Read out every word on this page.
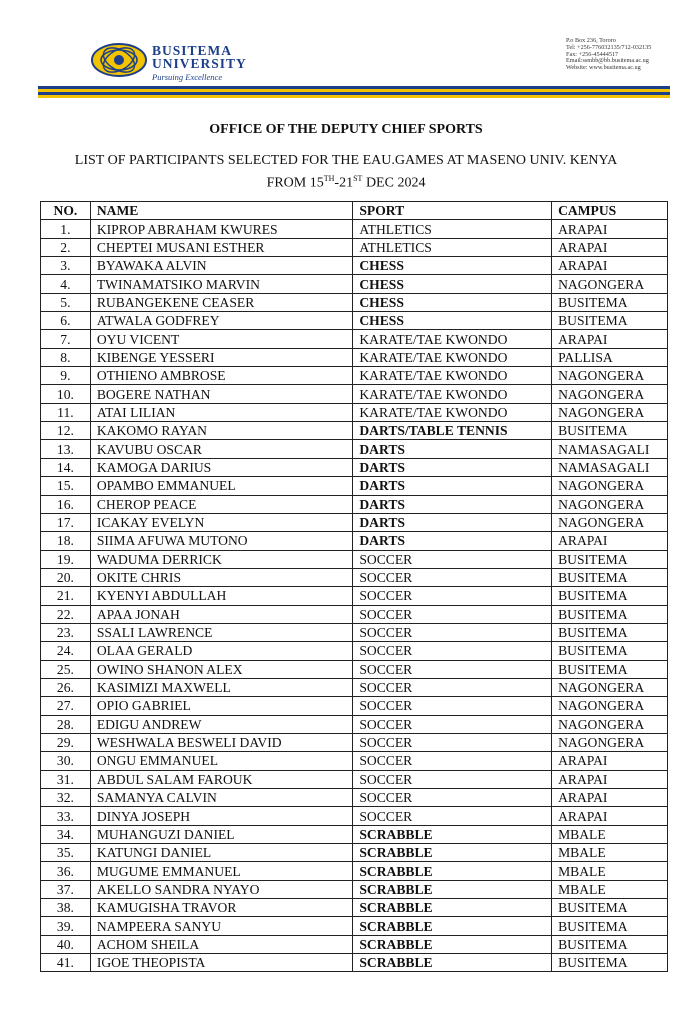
BUSITEMA
UNIVERSITY
Pursuing Excellence
P.o Box 236, Tororo
Tel: +256-776032135/712-032135
Fax: +256-45444517
Email:ssmbb@bb.busitema.ac.ug
Website: www.busitema.ac.ug
OFFICE OF THE DEPUTY CHIEF SPORTS
LIST OF PARTICIPANTS SELECTED FOR THE EAU.GAMES AT MASENO UNIV. KENYA
FROM 15TH-21ST DEC 2024
NO.	NAME	SPORT	CAMPUS
1.	KIPROP ABRAHAM KWURES	ATHLETICS	ARAPAI
2.	CHEPTEI MUSANI ESTHER	ATHLETICS	ARAPAI
3.	BYAWAKA ALVIN	CHESS	ARAPAI
4.	TWINAMATSIKO MARVIN	CHESS	NAGONGERA
5.	RUBANGEKENE CEASER	CHESS	BUSITEMA
6.	ATWALA GODFREY	CHESS	BUSITEMA
7.	OYU VICENT	KARATE/TAE KWONDO	ARAPAI
8.	KIBENGE YESSERI	KARATE/TAE KWONDO	PALLISA
9.	OTHIENO AMBROSE	KARATE/TAE KWONDO	NAGONGERA
10.	BOGERE NATHAN	KARATE/TAE KWONDO	NAGONGERA
11.	ATAI LILIAN	KARATE/TAE KWONDO	NAGONGERA
12.	KAKOMO RAYAN	DARTS/TABLE TENNIS	BUSITEMA
13.	KAVUBU OSCAR	DARTS	NAMASAGALI
14.	KAMOGA DARIUS	DARTS	NAMASAGALI
15.	OPAMBO EMMANUEL	DARTS	NAGONGERA
16.	CHEROP PEACE	DARTS	NAGONGERA
17.	ICAKAY EVELYN	DARTS	NAGONGERA
18.	SIIMA AFUWA MUTONO	DARTS	ARAPAI
19.	WADUMA DERRICK	SOCCER	BUSITEMA
20.	OKITE CHRIS	SOCCER	BUSITEMA
21.	KYENYI ABDULLAH	SOCCER	BUSITEMA
22.	APAA JONAH	SOCCER	BUSITEMA
23.	SSALI LAWRENCE	SOCCER	BUSITEMA
24.	OLAA GERALD	SOCCER	BUSITEMA
25.	OWINO SHANON ALEX	SOCCER	BUSITEMA
26.	KASIMIZI MAXWELL	SOCCER	NAGONGERA
27.	OPIO GABRIEL	SOCCER	NAGONGERA
28.	EDIGU ANDREW	SOCCER	NAGONGERA
29.	WESHWALA BESWELI DAVID	SOCCER	NAGONGERA
30.	ONGU EMMANUEL	SOCCER	ARAPAI
31.	ABDUL SALAM FAROUK	SOCCER	ARAPAI
32.	SAMANYA CALVIN	SOCCER	ARAPAI
33.	DINYA JOSEPH	SOCCER	ARAPAI
34.	MUHANGUZI DANIEL	SCRABBLE	MBALE
35.	KATUNGI DANIEL	SCRABBLE	MBALE
36.	MUGUME EMMANUEL	SCRABBLE	MBALE
37.	AKELLO SANDRA NYAYO	SCRABBLE	MBALE
38.	KAMUGISHA TRAVOR	SCRABBLE	BUSITEMA
39.	NAMPEERA SANYU	SCRABBLE	BUSITEMA
40.	ACHOM SHEILA	SCRABBLE	BUSITEMA
41.	IGOE THEOPISTA	SCRABBLE	BUSITEMA
